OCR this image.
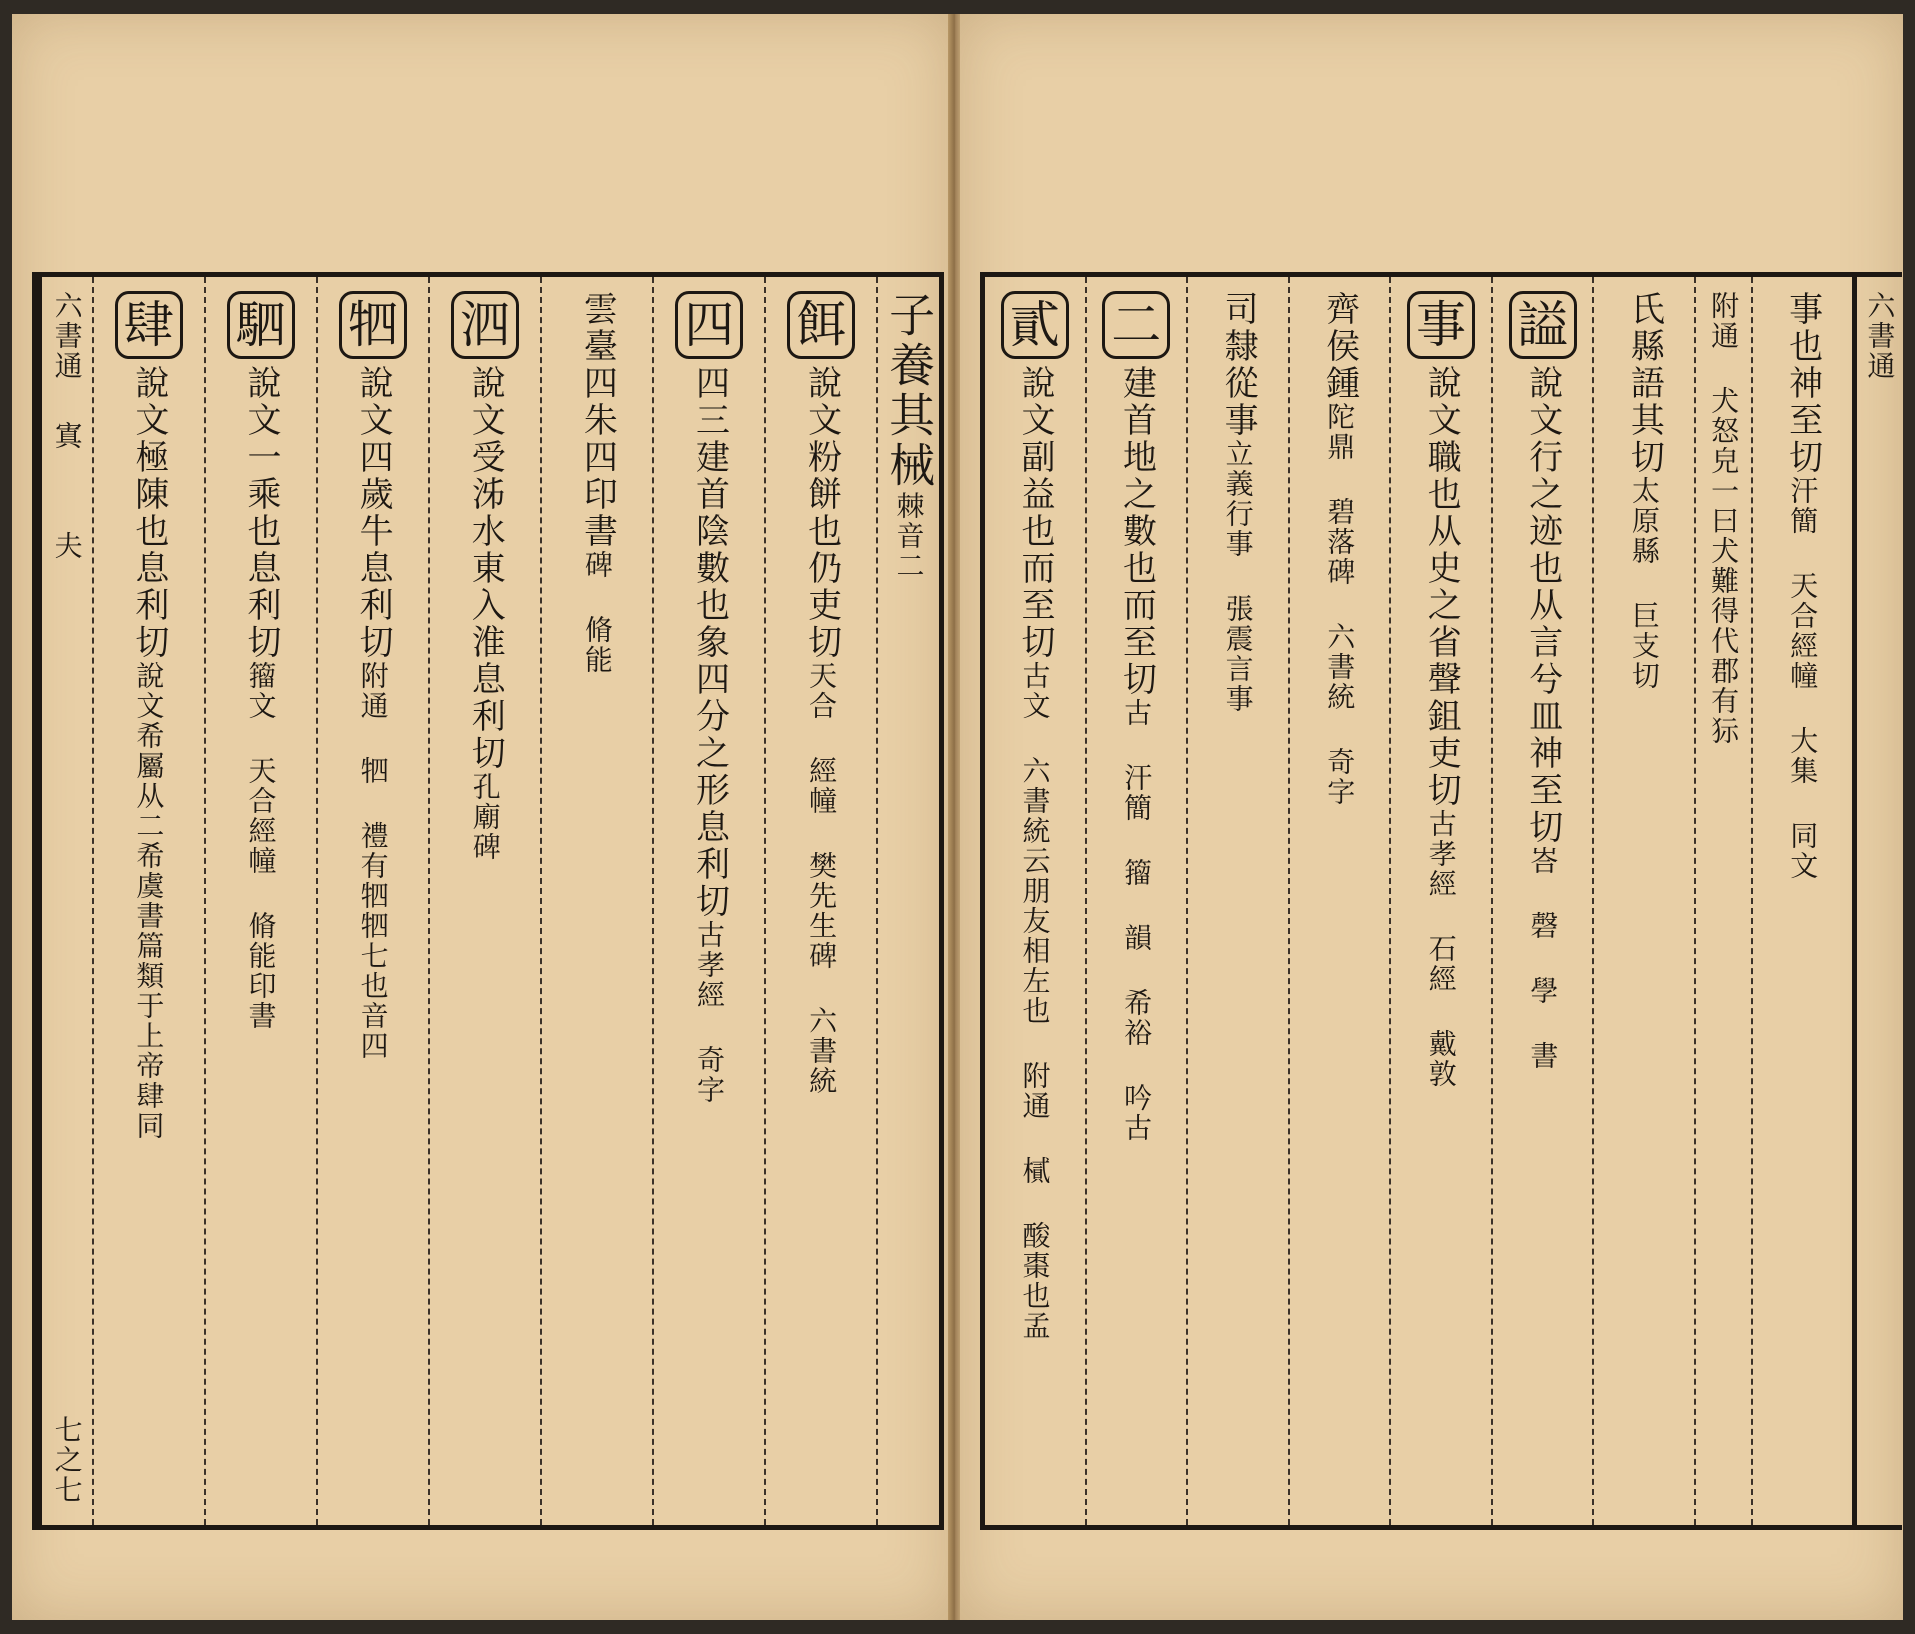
子養其械
棘音二
餌
說文粉餅也仍吏切
天合 經幢 樊先生碑 六書統
四
四三建首陰數也象四分之形息利切
古孝經 奇字
雲臺四朱四印書
碑 脩能
泗
說文受泲水東入淮息利切
孔廟碑
牭
說文四歲牛息利切
附通 牭 禮有牭牭七也音四
駟
說文一乘也息利切
籀文 天合經幢 脩能印書
肆
說文極陳也息利切
說文希屬从二希虞書篇類于上帝肆同
六書通
寘
夫
七之七
六書通
事也神至切
汗簡 天合經幢 大集 同文
附通 犬怒皃一曰犬難得代郡有狋
氏縣語其切
太原縣 巨支切
謚
說文行之迹也从言兮皿神至切
峇 磬 學 書
事
說文職也从史之省聲鉏吏切
古孝經 石經 戴敦
齊侯鍾
陀鼎 碧落碑 六書統 奇字
司隸從事
立義行事 張震言事
二
建首地之數也而至切
古 汗簡 籀 韻 希裕 吟古
貳
說文副益也而至切
古文 六書統云朋友相左也 附通 樲 酸棗也孟
